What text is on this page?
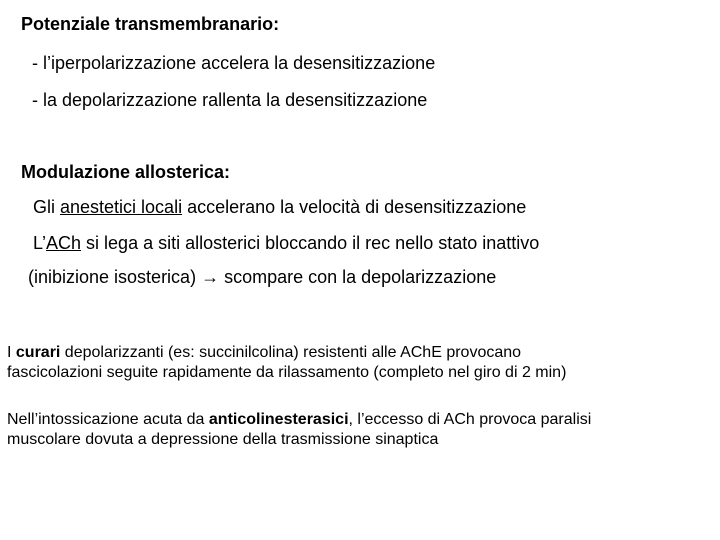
Potenziale transmembranario:
- l’iperpolarizzazione accelera la desensitizzazione
- la depolarizzazione rallenta la desensitizzazione
Modulazione allosterica:
Gli anestetici locali accelerano la velocità di desensitizzazione
L’ACh si lega a siti allosterici bloccando il rec nello stato inattivo
(inibizione isosterica) → scompare con la depolarizzazione
I curari depolarizzanti (es: succinilcolina) resistenti alle AChE provocano
fascicolazioni seguite rapidamente da rilassamento (completo nel giro di 2 min)
Nell’intossicazione acuta da anticolinesterasici, l’eccesso di ACh provoca paralisi
muscolare dovuta a depressione della trasmissione sinaptica
